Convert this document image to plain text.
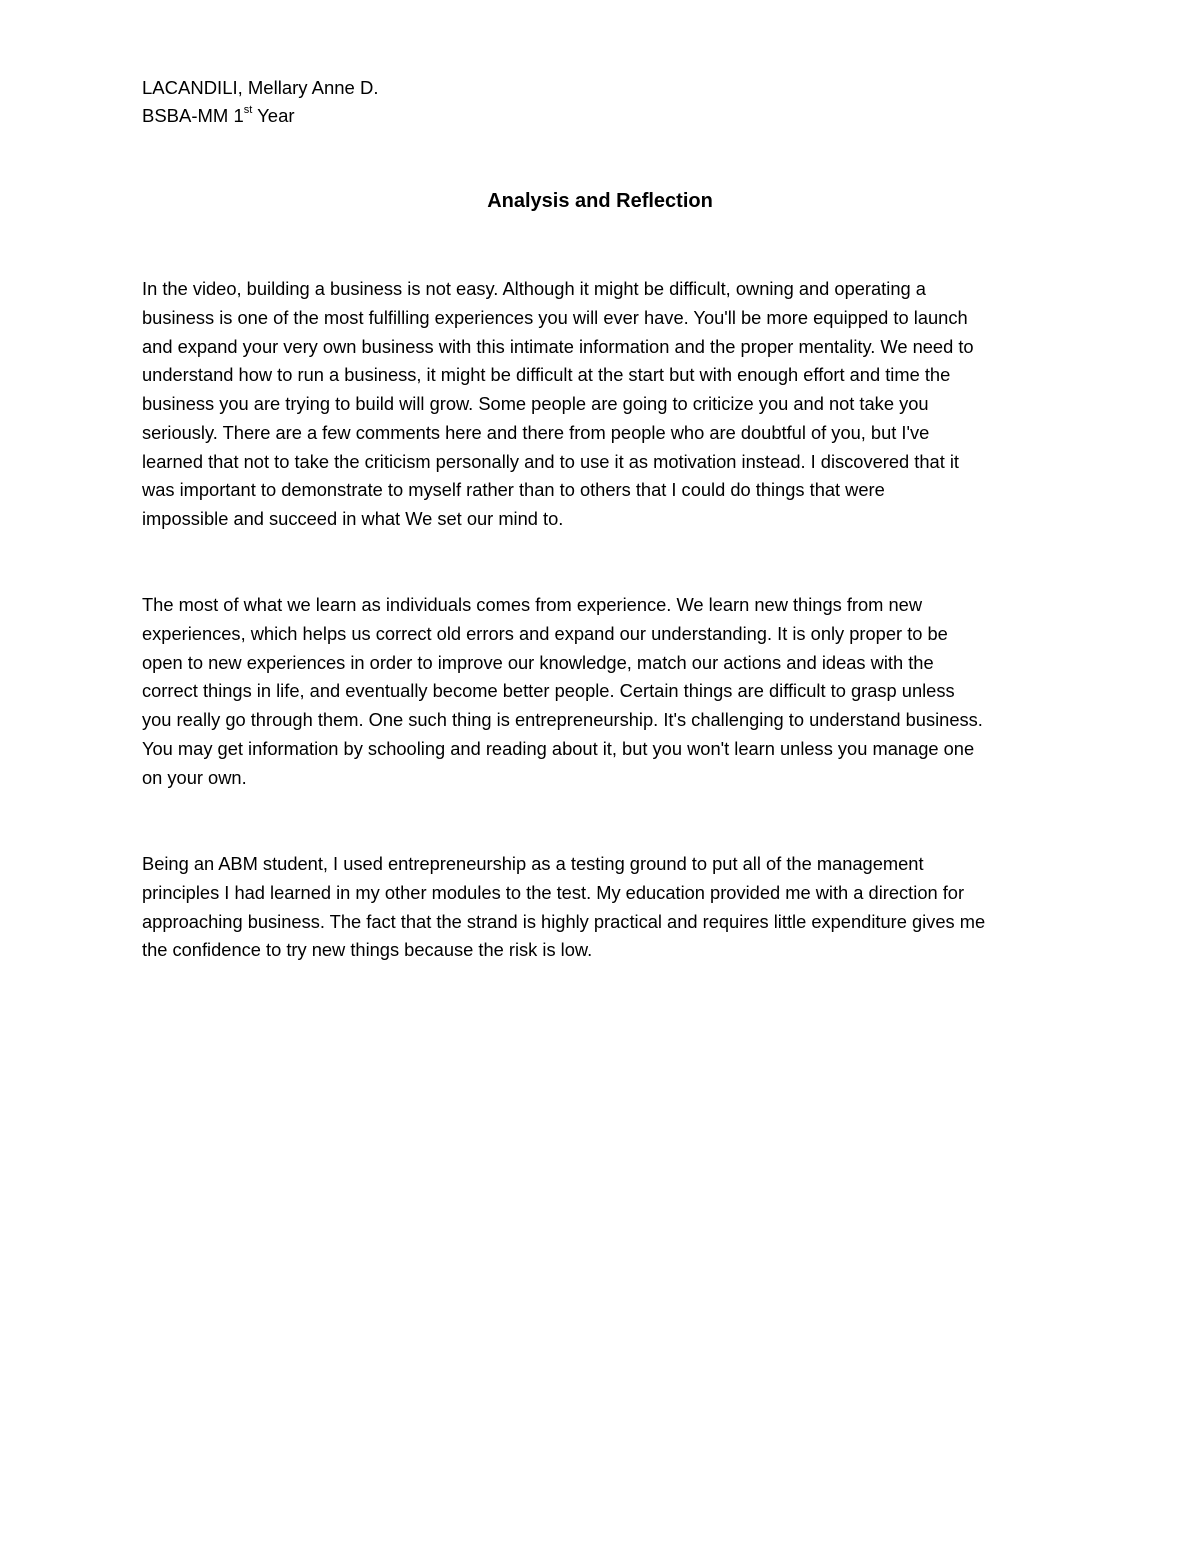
LACANDILI, Mellary Anne D.
BSBA-MM 1st Year
Analysis and Reflection

In the video, building a business is not easy. Although it might be difficult, owning and operating a
business is one of the most fulfilling experiences you will ever have. You'll be more equipped to launch
and expand your very own business with this intimate information and the proper mentality. We need to
understand how to run a business, it might be difficult at the start but with enough effort and time the
business you are trying to build will grow. Some people are going to criticize you and not take you
seriously. There are a few comments here and there from people who are doubtful of you, but I've
learned that not to take the criticism personally and to use it as motivation instead. I discovered that it
was important to demonstrate to myself rather than to others that I could do things that were
impossible and succeed in what We set our mind to.

The most of what we learn as individuals comes from experience. We learn new things from new
experiences, which helps us correct old errors and expand our understanding. It is only proper to be
open to new experiences in order to improve our knowledge, match our actions and ideas with the
correct things in life, and eventually become better people. Certain things are difficult to grasp unless
you really go through them. One such thing is entrepreneurship. It's challenging to understand business.
You may get information by schooling and reading about it, but you won't learn unless you manage one
on your own.

Being an ABM student, I used entrepreneurship as a testing ground to put all of the management
principles I had learned in my other modules to the test. My education provided me with a direction for
approaching business. The fact that the strand is highly practical and requires little expenditure gives me
the confidence to try new things because the risk is low.
